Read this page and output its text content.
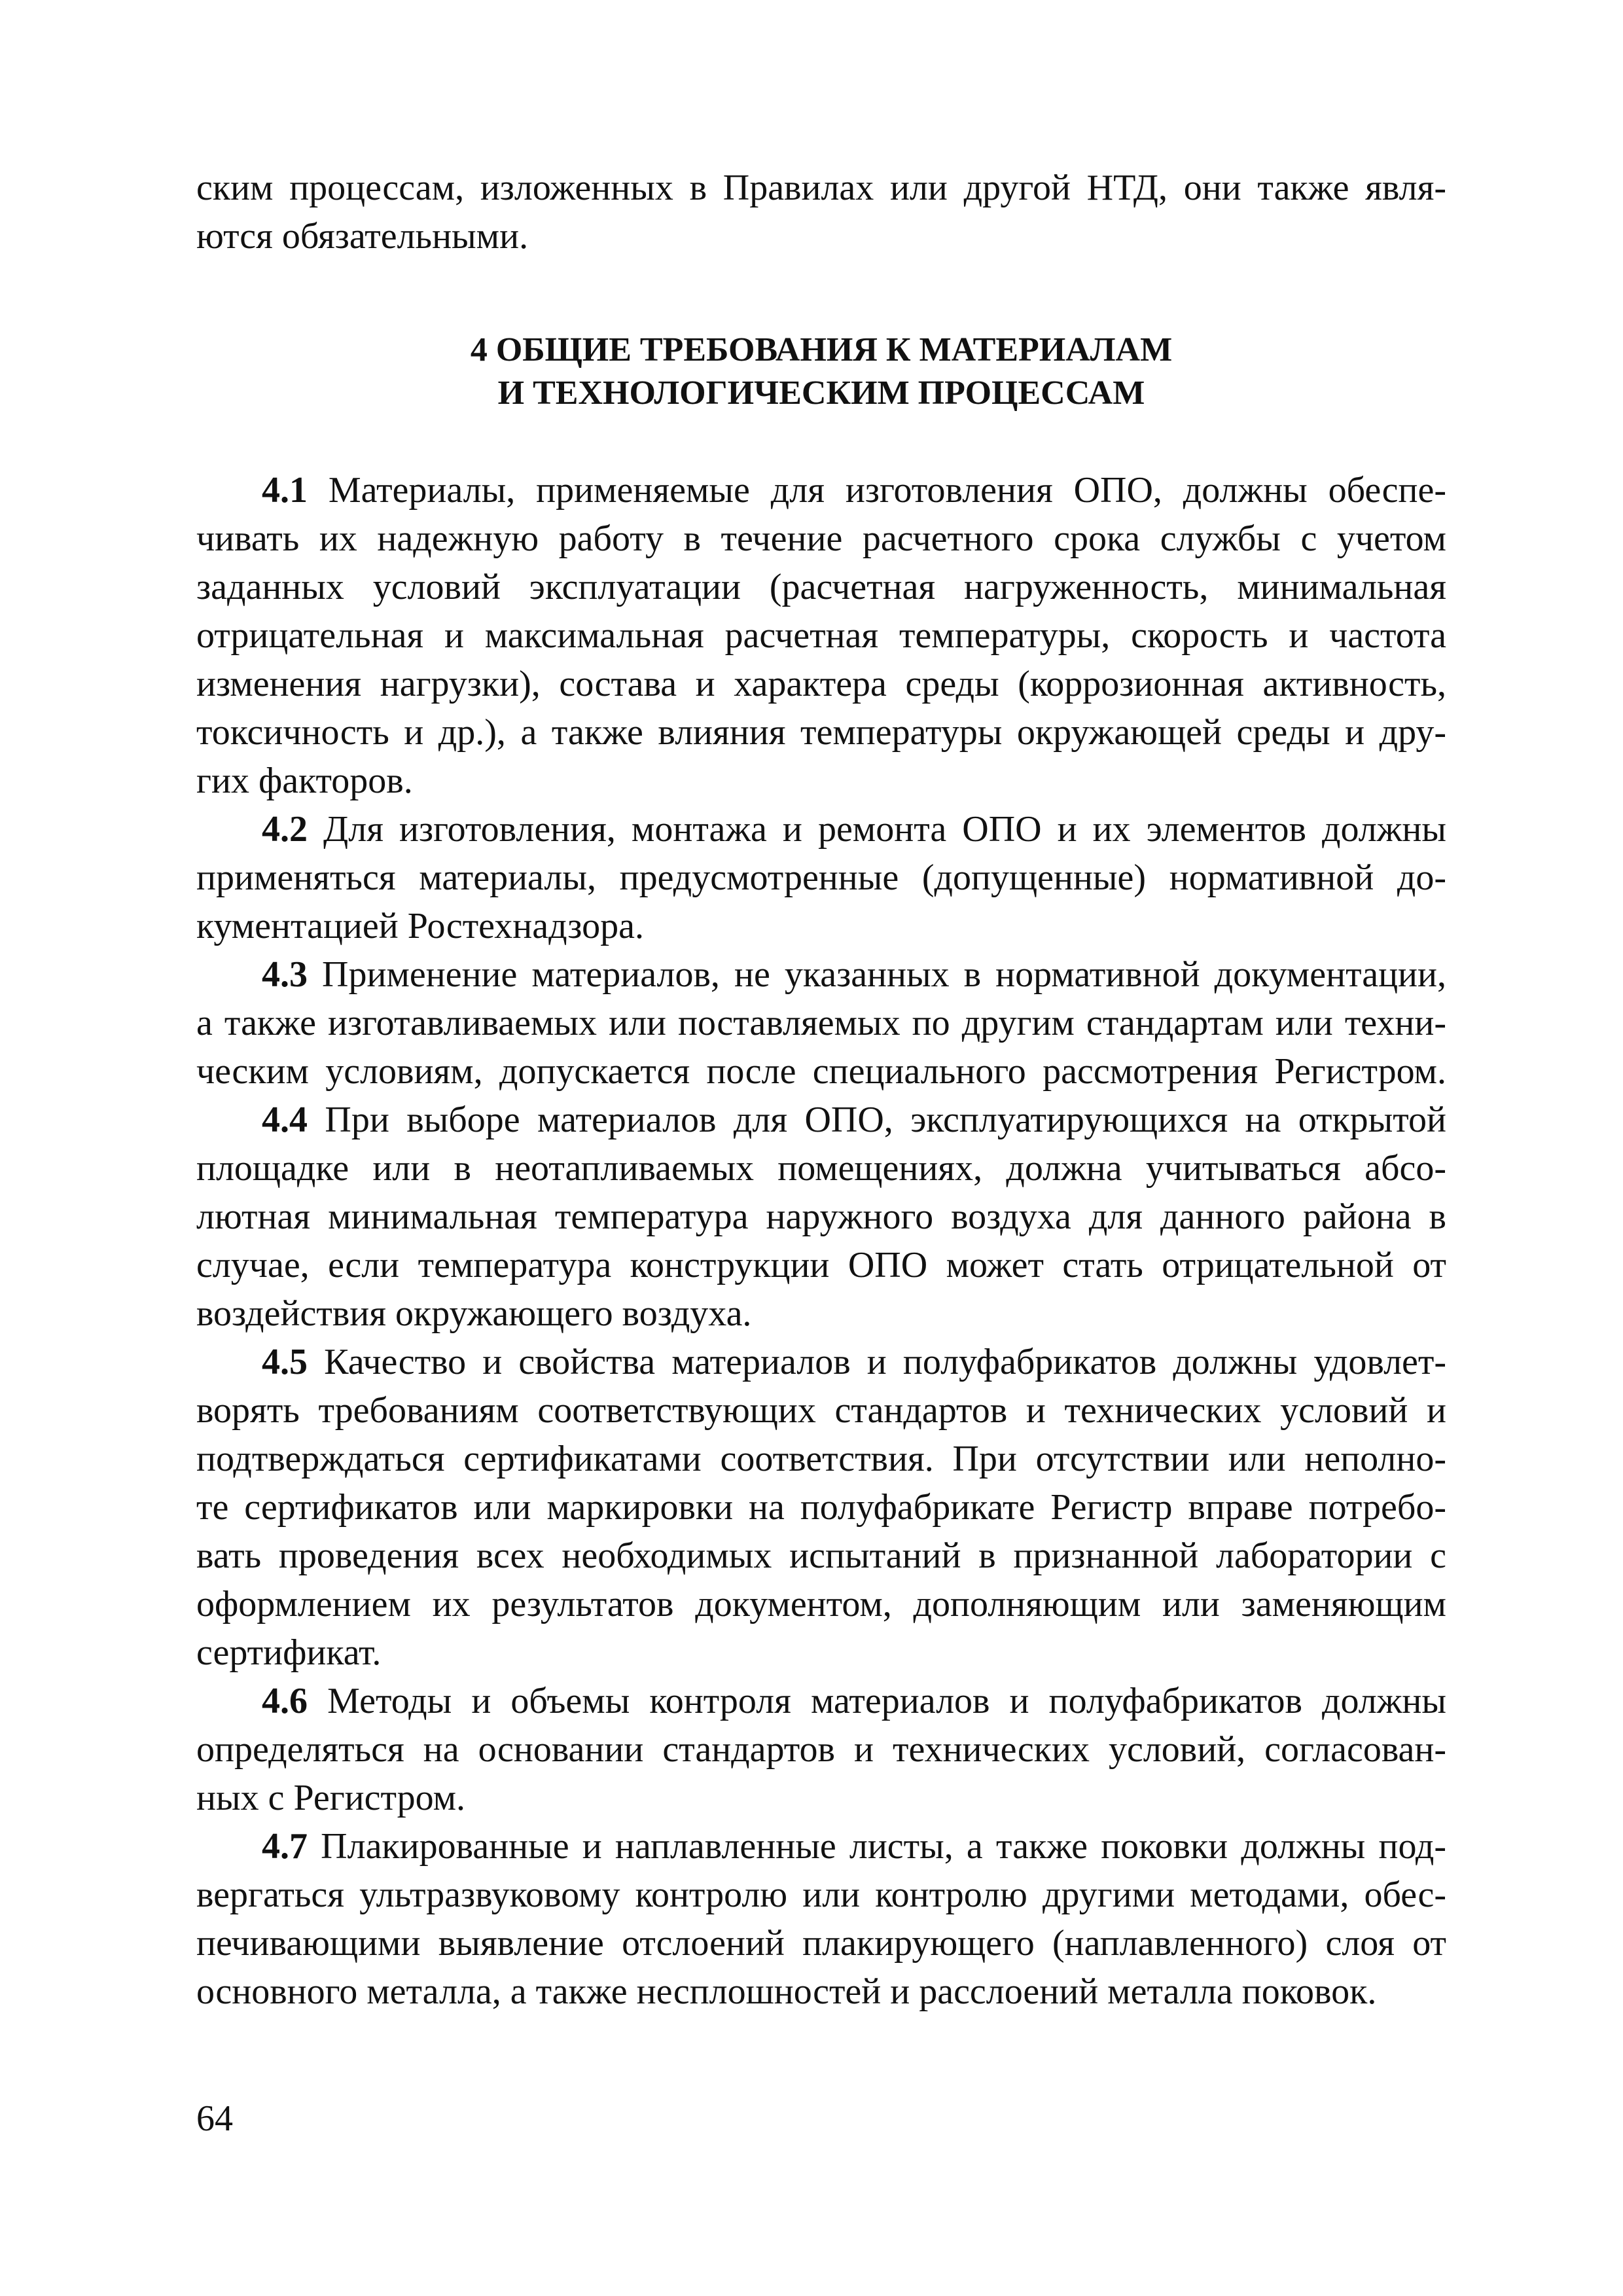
ским процессам, изложенных в Правилах или другой НТД, они также явля-
ются обязательными.
4 ОБЩИЕ ТРЕБОВАНИЯ К МАТЕРИАЛАМ
И ТЕХНОЛОГИЧЕСКИМ ПРОЦЕССАМ
4.1 Материалы, применяемые для изготовления ОПО, должны обеспе-
чивать их надежную работу в течение расчетного срока службы с учетом
заданных условий эксплуатации (расчетная нагруженность, минимальная
отрицательная и максимальная расчетная температуры, скорость и частота
изменения нагрузки), состава и характера среды (коррозионная активность,
токсичность и др.), а также влияния температуры окружающей среды и дру-
гих факторов.
4.2 Для изготовления, монтажа и ремонта ОПО и их элементов должны
применяться материалы, предусмотренные (допущенные) нормативной до-
кументацией Ростехнадзора.
4.3 Применение материалов, не указанных в нормативной документации,
а также изготавливаемых или поставляемых по другим стандартам или техни-
ческим условиям, допускается после специального рассмотрения Регистром.
4.4 При выборе материалов для ОПО, эксплуатирующихся на открытой
площадке или в неотапливаемых помещениях, должна учитываться абсо-
лютная минимальная температура наружного воздуха для данного района в
случае, если температура конструкции ОПО может стать отрицательной от
воздействия окружающего воздуха.
4.5 Качество и свойства материалов и полуфабрикатов должны удовлет-
ворять требованиям соответствующих стандартов и технических условий и
подтверждаться сертификатами соответствия. При отсутствии или неполно-
те сертификатов или маркировки на полуфабрикате Регистр вправе потребо-
вать проведения всех необходимых испытаний в признанной лаборатории с
оформлением их результатов документом, дополняющим или заменяющим
сертификат.
4.6 Методы и объемы контроля материалов и полуфабрикатов должны
определяться на основании стандартов и технических условий, согласован-
ных с Регистром.
4.7 Плакированные и наплавленные листы, а также поковки должны под-
вергаться ультразвуковому контролю или контролю другими методами, обес-
печивающими выявление отслоений плакирующего (наплавленного) слоя от
основного металла, а также несплошностей и расслоений металла поковок.
64
